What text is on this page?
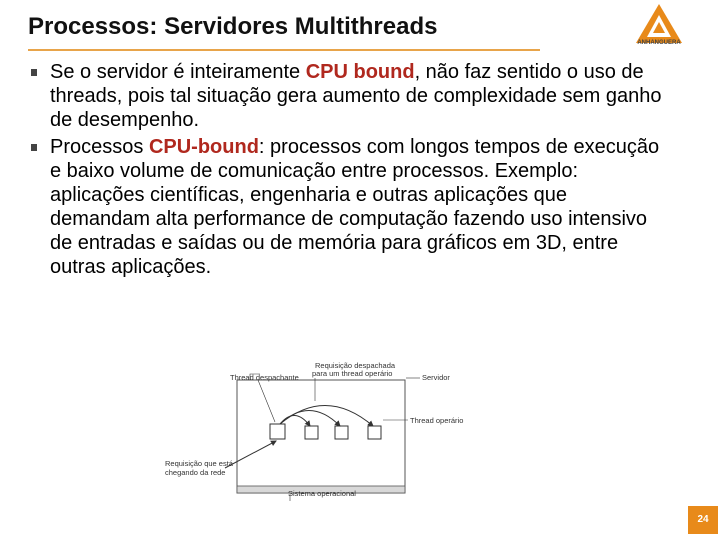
Processos: Servidores Multithreads
ANHANGUERA
Se o servidor é inteiramente CPU bound, não faz sentido o uso de threads, pois tal situação gera aumento de complexidade sem ganho de desempenho.
Processos CPU-bound: processos com longos tempos de execução e baixo volume de comunicação entre processos. Exemplo: aplicações científicas, engenharia e outras aplicações que demandam alta performance de computação fazendo uso intensivo de entradas e saídas ou de memória para gráficos em 3D, entre outras aplicações.
Thread despachante
Requisição despachada
para um thread operário	Servidor
Thread operário
Requisição que está
chegando da rede
Sistema operacional
24
